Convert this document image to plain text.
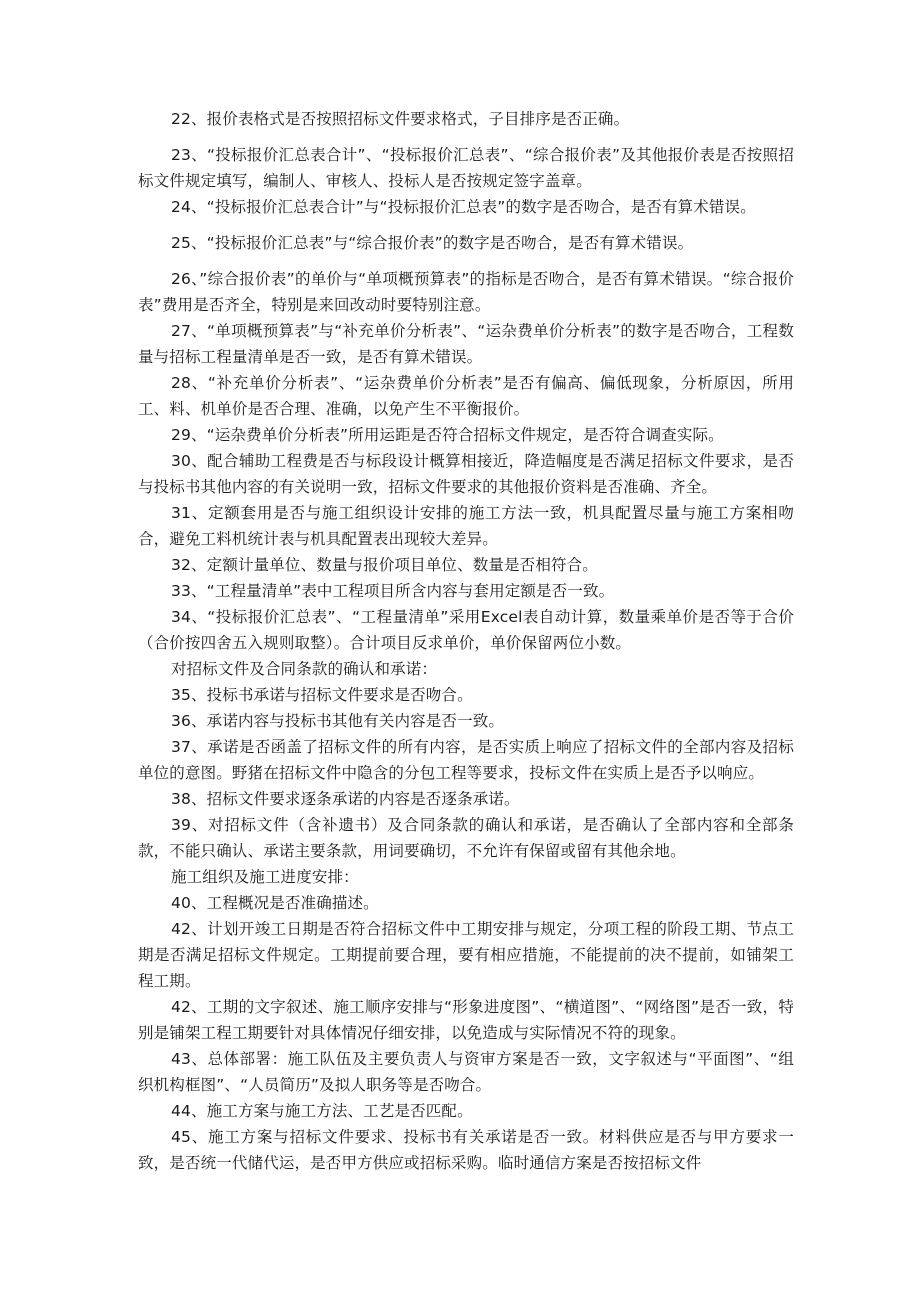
22、报价表格式是否按照招标文件要求格式，子目排序是否正确。

23、“投标报价汇总表合计”、“投标报价汇总表”、“综合报价表”及其他报价表是否按照招标文件规定填写，编制人、审核人、投标人是否按规定签字盖章。

24、“投标报价汇总表合计”与“投标报价汇总表”的数字是否吻合，是否有算术错误。

25、“投标报价汇总表”与“综合报价表”的数字是否吻合，是否有算术错误。

26、”综合报价表”的单价与“单项概预算表”的指标是否吻合，是否有算术错误。“综合报价表”费用是否齐全，特别是来回改动时要特别注意。

27、“单项概预算表”与“补充单价分析表”、“运杂费单价分析表”的数字是否吻合，工程数量与招标工程量清单是否一致，是否有算术错误。

28、“补充单价分析表”、“运杂费单价分析表”是否有偏高、偏低现象，分析原因，所用工、料、机单价是否合理、准确，以免产生不平衡报价。

29、“运杂费单价分析表”所用运距是否符合招标文件规定，是否符合调查实际。

30、配合辅助工程费是否与标段设计概算相接近，降造幅度是否满足招标文件要求，是否与投标书其他内容的有关说明一致，招标文件要求的其他报价资料是否准确、齐全。

31、定额套用是否与施工组织设计安排的施工方法一致，机具配置尽量与施工方案相吻合，避免工料机统计表与机具配置表出现较大差异。

32、定额计量单位、数量与报价项目单位、数量是否相符合。

33、“工程量清单”表中工程项目所含内容与套用定额是否一致。

34、“投标报价汇总表”、“工程量清单”采用Excel表自动计算，数量乘单价是否等于合价（合价按四舍五入规则取整）。合计项目反求单价，单价保留两位小数。

对招标文件及合同条款的确认和承诺：

35、投标书承诺与招标文件要求是否吻合。

36、承诺内容与投标书其他有关内容是否一致。

37、承诺是否函盖了招标文件的所有内容，是否实质上响应了招标文件的全部内容及招标单位的意图。野猪在招标文件中隐含的分包工程等要求，投标文件在实质上是否予以响应。

38、招标文件要求逐条承诺的内容是否逐条承诺。

39、对招标文件（含补遗书）及合同条款的确认和承诺，是否确认了全部内容和全部条款，不能只确认、承诺主要条款，用词要确切，不允许有保留或留有其他余地。

施工组织及施工进度安排：

40、工程概况是否准确描述。

42、计划开竣工日期是否符合招标文件中工期安排与规定，分项工程的阶段工期、节点工期是否满足招标文件规定。工期提前要合理，要有相应措施，不能提前的决不提前，如铺架工程工期。

42、工期的文字叙述、施工顺序安排与“形象进度图”、“横道图”、“网络图”是否一致，特别是铺架工程工期要针对具体情况仔细安排，以免造成与实际情况不符的现象。

43、总体部署：施工队伍及主要负责人与资审方案是否一致，文字叙述与“平面图”、“组织机构框图”、“人员简历”及拟人职务等是否吻合。

44、施工方案与施工方法、工艺是否匹配。

45、施工方案与招标文件要求、投标书有关承诺是否一致。材料供应是否与甲方要求一致，是否统一代储代运，是否甲方供应或招标采购。临时通信方案是否按招标文件
